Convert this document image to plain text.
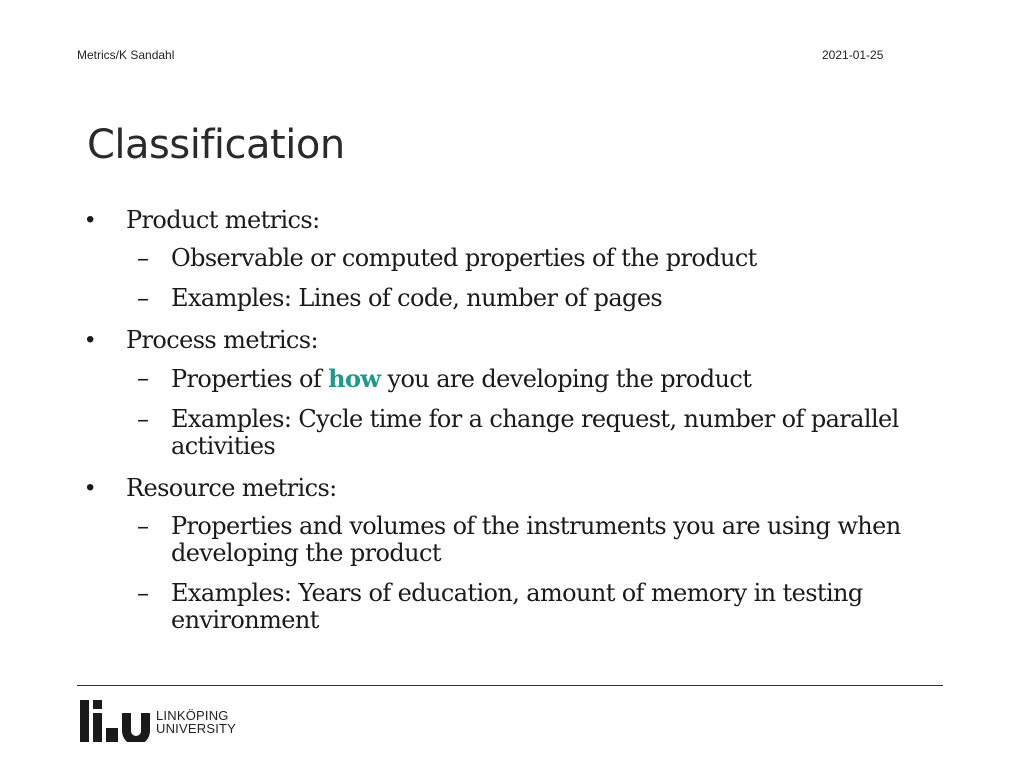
Metrics/K Sandahl	2021-01-25
Classification
• Product metrics:
– Observable or computed properties of the product
– Examples: Lines of code, number of pages
• Process metrics:
– Properties of how you are developing the product
– Examples: Cycle time for a change request, number of parallel activities
• Resource metrics:
– Properties and volumes of the instruments you are using when developing the product
– Examples: Years of education, amount of memory in testing environment
LINKÖPING
UNIVERSITY
